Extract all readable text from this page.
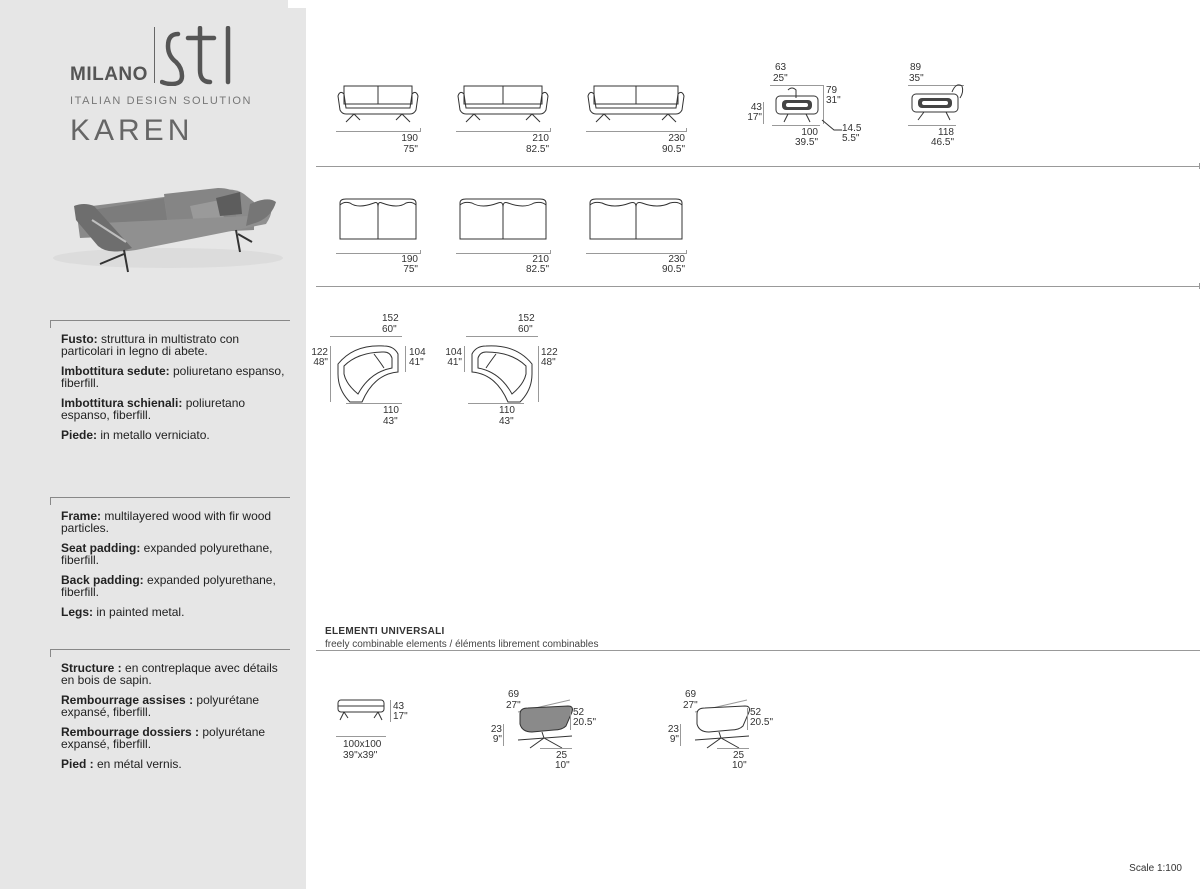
MILANO
ITALIAN DESIGN SOLUTION
KAREN

Fusto: struttura in multistrato con particolari in legno di abete.

Imbottitura sedute: poliuretano espanso, fiberfill.

Imbottitura schienali: poliuretano espanso, fiberfill.

Piede: in metallo verniciato.

Frame: multilayered wood with fir wood particles.

Seat padding: expanded polyurethane, fiberfill.

Back padding: expanded polyurethane, fiberfill.

Legs: in painted metal.

Structure : en contreplaque avec détails en bois de sapin.

Rembourrage assises : polyurétane expansé, fiberfill.

Rembourrage dossiers : polyurétane expansé, fiberfill.

Pied : en métal vernis.

190
75"
210
82.5"
230
90.5"
63
25"
79
31"
43
17"
100
39.5"
14.5
5.5"
89
35"
118
46.5"
190
75"
210
82.5"
230
90.5"
152
60"
122
48"
104
41"
110
43"
152
60"
104
41"
122
48"
110
43"
ELEMENTI UNIVERSALI
freely combinable elements / éléments librement combinables
43
17"
100x100
39"x39"
69
27"
52
20.5"
23
9"
25
10"
69
27"
52
20.5"
23
9"
25
10"
Scale 1:100
